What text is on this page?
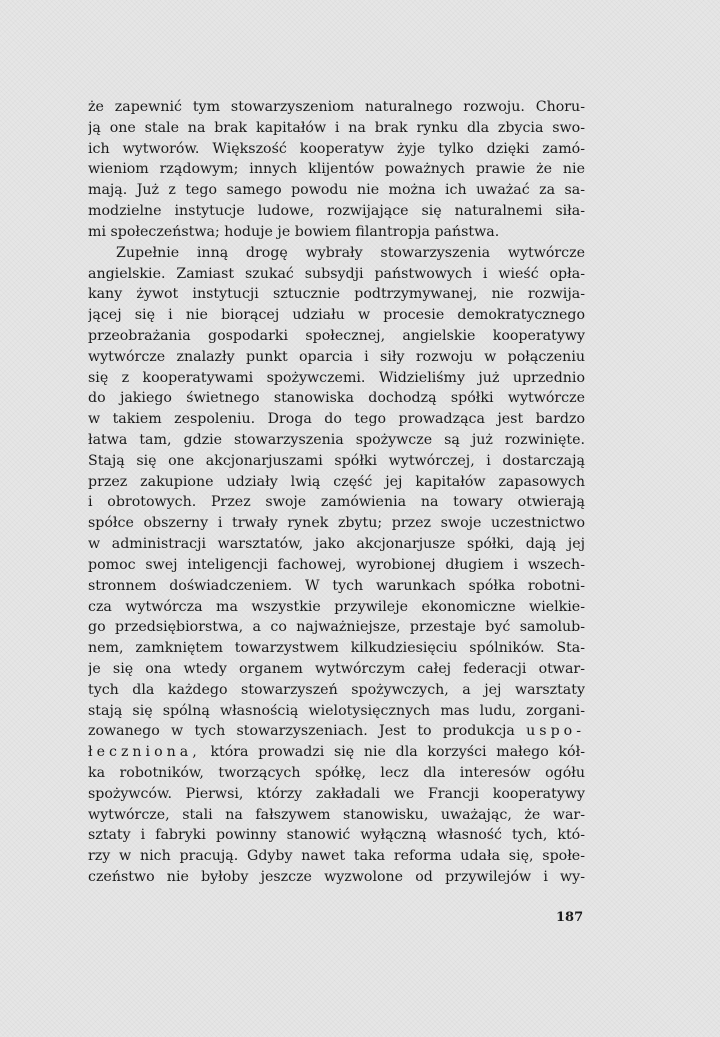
że zapewnić tym stowarzyszeniom naturalnego rozwoju. Choru-
ją one stale na brak kapitałów i na brak rynku dla zbycia swo-
ich wytworów. Większość kooperatyw żyje tylko dzięki zamó-
wieniom rządowym; innych klijentów poważnych prawie że nie
mają. Już z tego samego powodu nie można ich uważać za sa-
modzielne instytucje ludowe, rozwijające się naturalnemi siła-
mi społeczeństwa; hoduje je bowiem filantropja państwa.
Zupełnie inną drogę wybrały stowarzyszenia wytwórcze
angielskie. Zamiast szukać subsydji państwowych i wieść opła-
kany żywot instytucji sztucznie podtrzymywanej, nie rozwija-
jącej się i nie biorącej udziału w procesie demokratycznego
przeobrażania gospodarki społecznej, angielskie kooperatywy
wytwórcze znalazły punkt oparcia i siły rozwoju w połączeniu
się z kooperatywami spożywczemi. Widzieliśmy już uprzednio
do jakiego świetnego stanowiska dochodzą spółki wytwórcze
w takiem zespoleniu. Droga do tego prowadząca jest bardzo
łatwa tam, gdzie stowarzyszenia spożywcze są już rozwinięte.
Stają się one akcjonarjuszami spółki wytwórczej, i dostarczają
przez zakupione udziały lwią część jej kapitałów zapasowych
i obrotowych. Przez swoje zamówienia na towary otwierają
spółce obszerny i trwały rynek zbytu; przez swoje uczestnictwo
w administracji warsztatów, jako akcjonarjusze spółki, dają jej
pomoc swej inteligencji fachowej, wyrobionej długiem i wszech-
stronnem doświadczeniem. W tych warunkach spółka robotni-
cza wytwórcza ma wszystkie przywileje ekonomiczne wielkie-
go przedsiębiorstwa, a co najważniejsze, przestaje być samolub-
nem, zamkniętem towarzystwem kilkudziesięciu spólników. Sta-
je się ona wtedy organem wytwórczym całej federacji otwar-
tych dla każdego stowarzyszeń spożywczych, a jej warsztaty
stają się spólną własnością wielotysięcznych mas ludu, zorgani-
zowanego w tych stowarzyszeniach. Jest to produkcja uspo-
łeczniona, która prowadzi się nie dla korzyści małego kół-
ka robotników, tworzących spółkę, lecz dla interesów ogółu
spożywców. Pierwsi, którzy zakładali we Francji kooperatywy
wytwórcze, stali na fałszywem stanowisku, uważając, że war-
sztaty i fabryki powinny stanowić wyłączną własność tych, któ-
rzy w nich pracują. Gdyby nawet taka reforma udała się, społe-
czeństwo nie byłoby jeszcze wyzwolone od przywilejów i wy-
187
